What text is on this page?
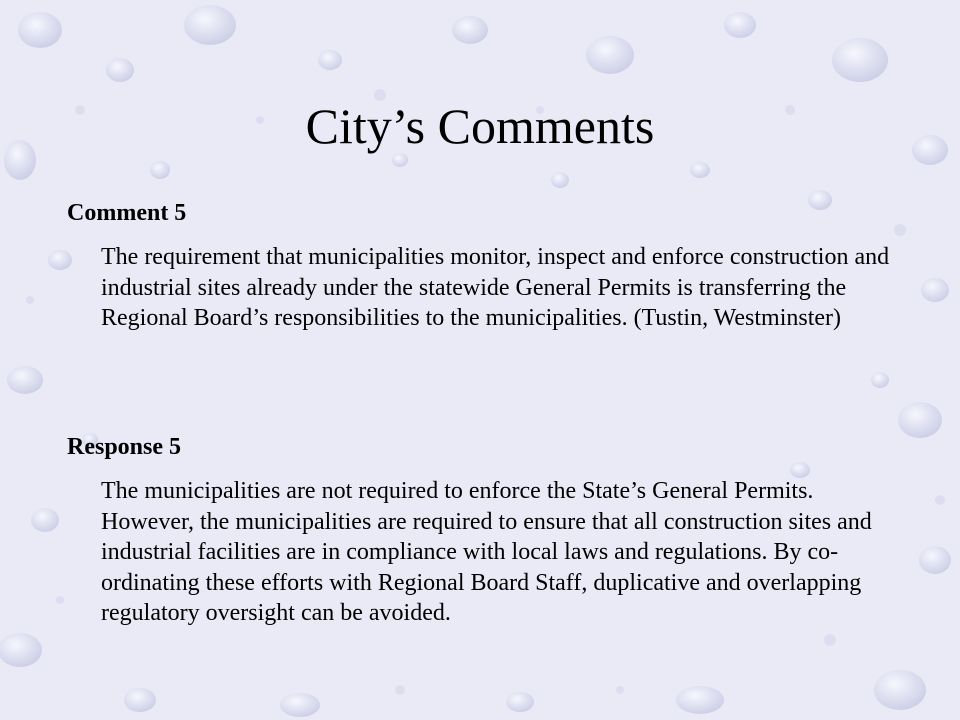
City’s Comments

Comment 5

The requirement that municipalities monitor, inspect and enforce construction and industrial sites already under the statewide General Permits is transferring the Regional Board’s responsibilities to the municipalities. (Tustin, Westminster)

Response 5

The municipalities are not required to enforce the State’s General Permits. However, the municipalities are required to ensure that all construction sites and industrial facilities are in compliance with local laws and regulations. By co-ordinating these efforts with Regional Board Staff, duplicative and overlapping regulatory oversight can be avoided.
